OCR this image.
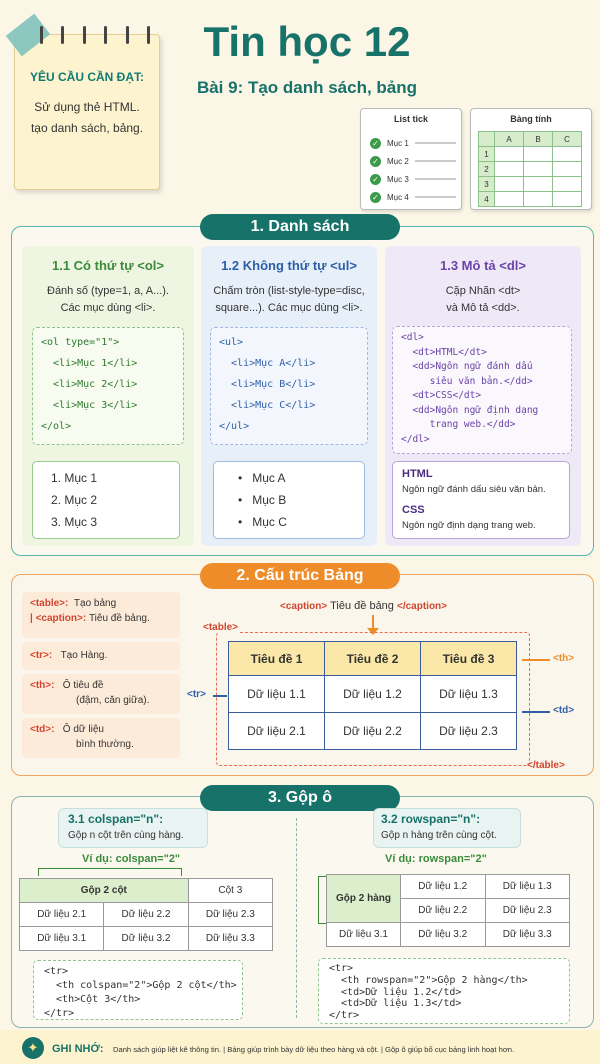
YÊU CẦU CẦN ĐẠT:
Sử dụng thẻ HTML.
tạo danh sách, bảng.
Tin học 12
Bài 9: Tạo danh sách, bảng
List tick
✓ Mục 1
✓ Mục 2
✓ Mục 3
✓ Mục 4
Bảng tính
	A	B	C
1			
2			
3			
4			
1. Danh sách
1.1 Có thứ tự <ol>
Đánh số (type=1, a, A...).
Các mục dùng <li>.
<ol type="1">
<li>Mục 1</li>
<li>Mục 2</li>
<li>Mục 3</li>
</ol>
1. Mục 1
2. Mục 2
3. Mục 3
1.2 Không thứ tự <ul>
Chấm tròn (list-style-type=disc,
square...). Các mục dùng <li>.
<ul>
<li>Mục A</li>
<li>Mục B</li>
<li>Mục C</li>
</ul>
•   Mục A
•   Mục B
•   Mục C
1.3 Mô tả <dl>
Cặp Nhãn <dt>
và Mô tả <dd>.
<dl>
<dt>HTML</dt>
<dd>Ngôn ngữ đánh dấu
siêu văn bản.</dd>
<dt>CSS</dt>
<dd>Ngôn ngữ định dạng
trang web.</dd>
</dl>
HTML
Ngôn ngữ đánh dấu siêu văn bản.
CSS
Ngôn ngữ định dạng trang web.
2. Cấu trúc Bảng
<table>: Tạo bảng
| <caption>: Tiêu đề bảng.
<tr>: Tạo Hàng.
<th>: Ô tiêu đề
(đậm, căn giữa).
<td>: Ô dữ liệu
bình thường.
<caption> Tiêu đề bảng </caption>
<table>
</table>
Tiêu đề 1	Tiêu đề 2	Tiêu đề 3
Dữ liệu 1.1	Dữ liệu 1.2	Dữ liệu 1.3
Dữ liệu 2.1	Dữ liệu 2.2	Dữ liệu 2.3
<tr>
<th>
<td>
3. Gộp ô
3.1 colspan="n":
Gộp n cột trên cùng hàng.
Ví dụ: colspan="2"
Gộp 2 cột		Cột 3
Dữ liệu 2.1	Dữ liệu 2.2	Dữ liệu 2.3
Dữ liệu 3.1	Dữ liệu 3.2	Dữ liệu 3.3
<tr>
<th colspan="2">Gộp 2 cột</th>
<th>Cột 3</th>
</tr>
3.2 rowspan="n":
Gộp n hàng trên cùng cột.
Ví dụ: rowspan="2"
Gộp 2 hàng	Dữ liệu 1.2	Dữ liệu 1.3
	Dữ liệu 2.2	Dữ liệu 2.3
Dữ liệu 3.1	Dữ liệu 3.2	Dữ liệu 3.3
<tr>
<th rowspan="2">Gộp 2 hàng</th>
<td>Dữ liệu 1.2</td>
<td>Dữ liệu 1.3</td>
</tr>
✦	GHI NHỚ: Danh sách giúp liệt kê thông tin. | Bảng giúp trình bày dữ liệu theo hàng và cột. | Gộp ô giúp bố cục bảng linh hoạt hơn.
